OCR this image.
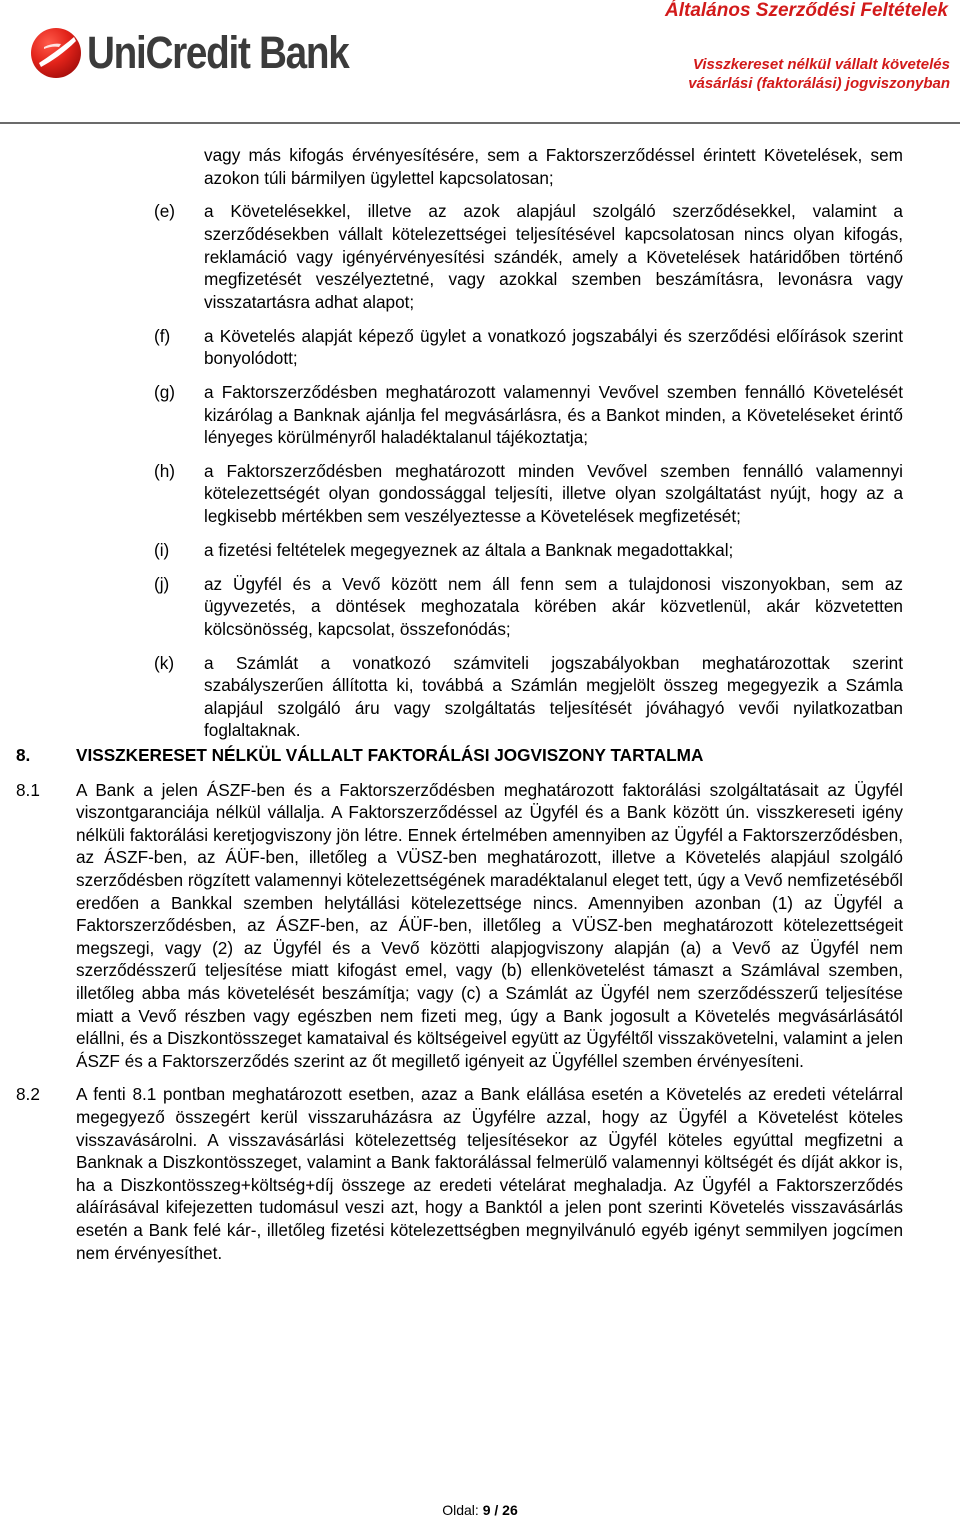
UniCredit Bank
Általános Szerződési Feltételek
Visszkereset nélkül vállalt követelés vásárlási (faktorálási) jogviszonyban
vagy más kifogás érvényesítésére, sem a Faktorszerződéssel érintett Követelések, sem azokon túli bármilyen ügylettel kapcsolatosan;
(e)	a Követelésekkel, illetve az azok alapjául szolgáló szerződésekkel, valamint a szerződésekben vállalt kötelezettségei teljesítésével kapcsolatosan nincs olyan kifogás, reklamáció vagy igényérvényesítési szándék, amely a Követelések határidőben történő megfizetését veszélyeztetné, vagy azokkal szemben beszámításra, levonásra vagy visszatartásra adhat alapot;
(f)	a Követelés alapját képező ügylet a vonatkozó jogszabályi és szerződési előírások szerint bonyolódott;
(g)	a Faktorszerződésben meghatározott valamennyi Vevővel szemben fennálló Követelését kizárólag a Banknak ajánlja fel megvásárlásra, és a Bankot minden, a Követeléseket érintő lényeges körülményről haladéktalanul tájékoztatja;
(h)	a Faktorszerződésben meghatározott minden Vevővel szemben fennálló valamennyi kötelezettségét olyan gondossággal teljesíti, illetve olyan szolgáltatást nyújt, hogy az a legkisebb mértékben sem veszélyeztesse a Követelések megfizetését;
(i)	a fizetési feltételek megegyeznek az általa a Banknak megadottakkal;
(j)	az Ügyfél és a Vevő között nem áll fenn sem a tulajdonosi viszonyokban, sem az ügyvezetés, a döntések meghozatala körében akár közvetlenül, akár közvetetten kölcsönösség, kapcsolat, összefonódás;
(k)	a Számlát a vonatkozó számviteli jogszabályokban meghatározottak szerint szabályszerűen állította ki, továbbá a Számlán megjelölt összeg megegyezik a Számla alapjául szolgáló áru vagy szolgáltatás teljesítését jóváhagyó vevői nyilatkozatban foglaltaknak.
8.	VISSZKERESET NÉLKÜL VÁLLALT FAKTORÁLÁSI JOGVISZONY TARTALMA
8.1 A Bank a jelen ÁSZF-ben és a Faktorszerződésben meghatározott faktorálási szolgáltatásait az Ügyfél viszontgaranciája nélkül vállalja. A Faktorszerződéssel az Ügyfél és a Bank között ún. visszkereseti igény nélküli faktorálási keretjogviszony jön létre. Ennek értelmében amennyiben az Ügyfél a Faktorszerződésben, az ÁSZF-ben, az ÁÜF-ben, illetőleg a VÜSZ-ben meghatározott, illetve a Követelés alapjául szolgáló szerződésben rögzített valamennyi kötelezettségének maradéktalanul eleget tett, úgy a Vevő nemfizetéséből eredően a Bankkal szemben helytállási kötelezettsége nincs. Amennyiben azonban (1) az Ügyfél a Faktorszerződésben, az ÁSZF-ben, az ÁÜF-ben, illetőleg a VÜSZ-ben meghatározott kötelezettségeit megszegi, vagy (2) az Ügyfél és a Vevő közötti alapjogviszony alapján (a) a Vevő az Ügyfél nem szerződésszerű teljesítése miatt kifogást emel, vagy (b) ellenkövetelést támaszt a Számlával szemben, illetőleg abba más követelését beszámítja; vagy (c) a Számlát az Ügyfél nem szerződésszerű teljesítése miatt a Vevő részben vagy egészben nem fizeti meg, úgy a Bank jogosult a Követelés megvásárlásától elállni, és a Diszkontösszeget kamataival és költségeivel együtt az Ügyféltől visszakövetelni, valamint a jelen ÁSZF és a Faktorszerződés szerint az őt megillető igényeit az Ügyféllel szemben érvényesíteni.
8.2 A fenti 8.1 pontban meghatározott esetben, azaz a Bank elállása esetén a Követelés az eredeti vételárral megegyező összegért kerül visszaruházásra az Ügyfélre azzal, hogy az Ügyfél a Követelést köteles visszavásárolni. A visszavásárlási kötelezettség teljesítésekor az Ügyfél köteles egyúttal megfizetni a Banknak a Diszkontösszeget, valamint a Bank faktorálással felmerülő valamennyi költségét és díját akkor is, ha a Diszkontösszeg+költség+díj összege az eredeti vételárat meghaladja. Az Ügyfél a Faktorszerződés aláírásával kifejezetten tudomásul veszi azt, hogy a Banktól a jelen pont szerinti Követelés visszavásárlás esetén a Bank felé kár-, illetőleg fizetési kötelezettségben megnyilvánuló egyéb igényt semmilyen jogcímen nem érvényesíthet.
Oldal: 9 / 26
